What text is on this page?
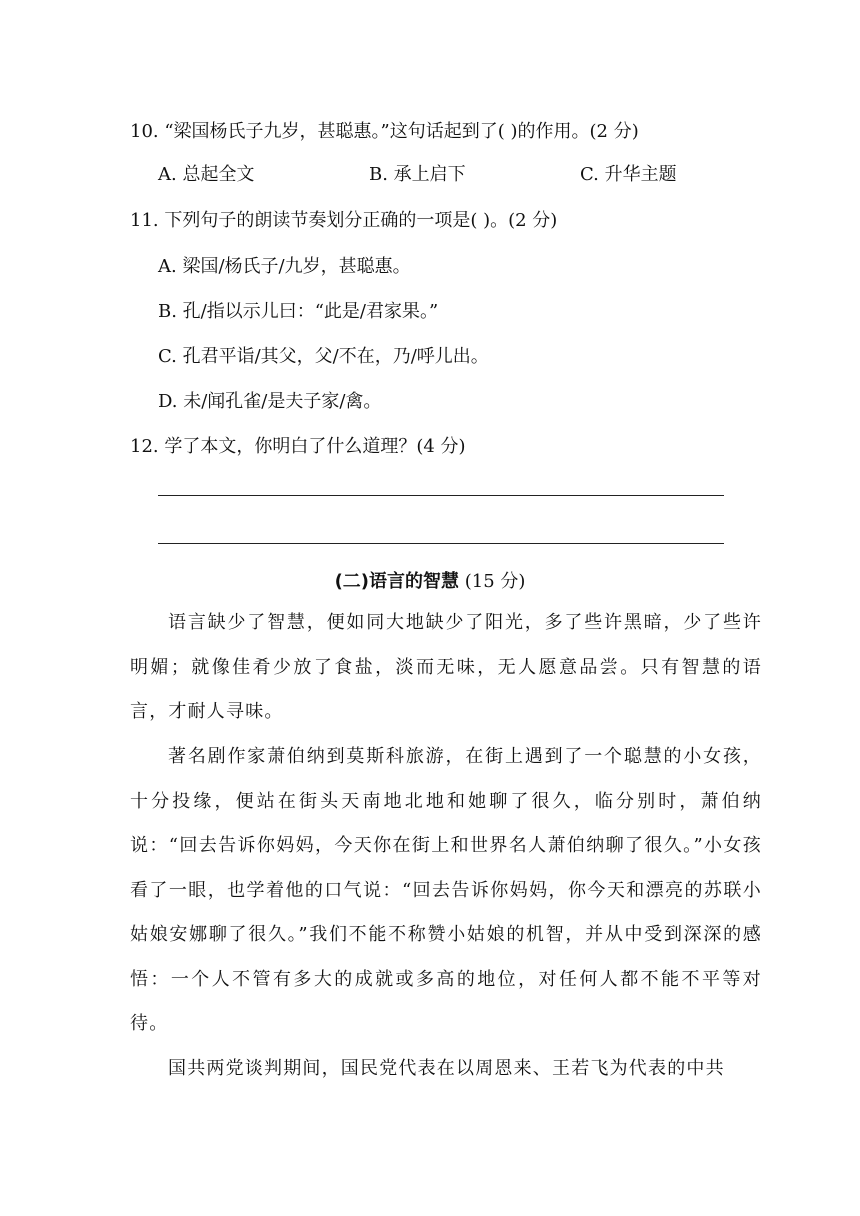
10. “梁国杨氏子九岁，甚聪惠。”这句话起到了( )的作用。(2 分)
A. 总起全文	B. 承上启下	C. 升华主题
11. 下列句子的朗读节奏划分正确的一项是( )。(2 分)
A. 梁国/杨氏子/九岁，甚聪惠。
B. 孔/指以示儿曰：“此是/君家果。”
C. 孔君平诣/其父，父/不在，乃/呼儿出。
D. 未/闻孔雀/是夫子家/禽。
12. 学了本文，你明白了什么道理？(4 分)
(二)语言的智慧 (15 分)
语言缺少了智慧，便如同大地缺少了阳光，多了些许黑暗，少了些许明媚；就像佳肴少放了食盐，淡而无味，无人愿意品尝。只有智慧的语言，才耐人寻味。
著名剧作家萧伯纳到莫斯科旅游，在街上遇到了一个聪慧的小女孩，十分投缘，便站在街头天南地北地和她聊了很久，临分别时，萧伯纳说：“回去告诉你妈妈，今天你在街上和世界名人萧伯纳聊了很久。”小女孩看了一眼，也学着他的口气说：“回去告诉你妈妈，你今天和漂亮的苏联小姑娘安娜聊了很久。”我们不能不称赞小姑娘的机智，并从中受到深深的感悟：一个人不管有多大的成就或多高的地位，对任何人都不能不平等对待。
国共两党谈判期间，国民党代表在以周恩来、王若飞为代表的中共
